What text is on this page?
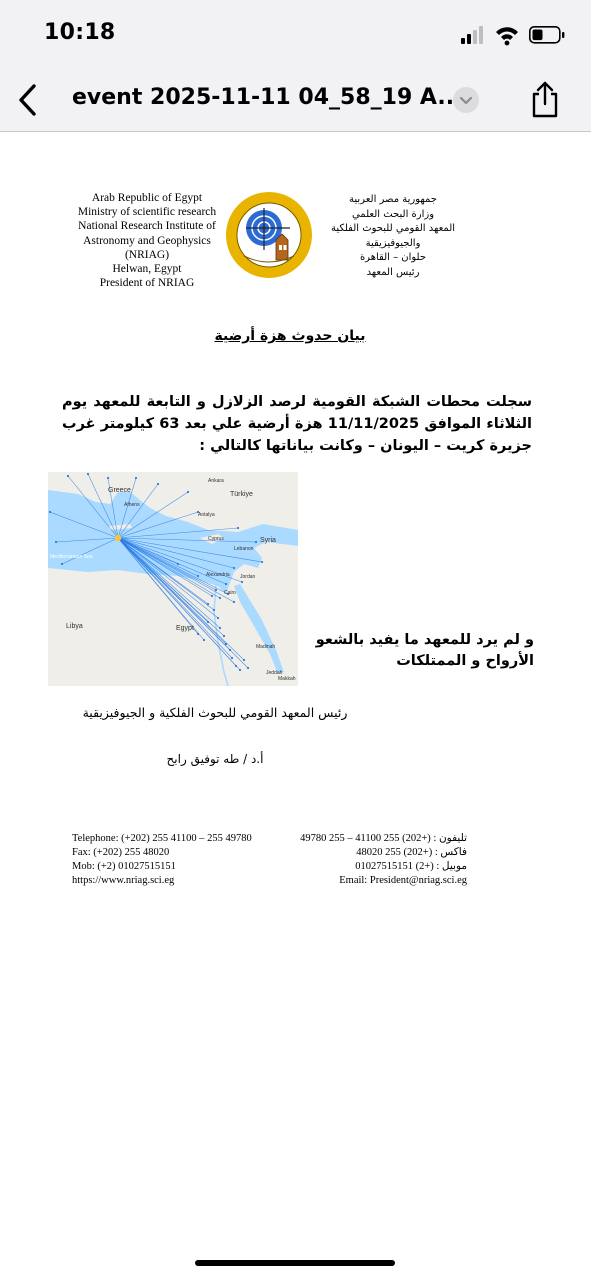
10:18
event 2025-11-11 04_58_19 A...
Arab Republic of Egypt
Ministry of scientific research
National Research Institute of
Astronomy and Geophysics
(NRIAG)
Helwan, Egypt
President of NRIAG
جمهورية مصر العربية
وزارة البحث العلمي
المعهد القومي للبحوث الفلكية
والجيوفيزيقية
حلوان – القاهرة
رئيس المعهد
بيان حدوث هزة أرضية
سجلت محطات الشبكة القومية لرصد الزلازل و التابعة للمعهد يوم الثلاثاء الموافق 11/11/2025 هزة أرضية علي بعد 63 كيلومتر غرب جزيرة كريت – اليونان – وكانت بياناتها كالتالي :
Greece
Ankara
Türkiye
Athens
Antalya
Cyprus	Syria
Lebanon
Mediterranean Sea
Alexandria Jordan
Cairo
Egypt
Libya
Madinah
Jeddah
Makkah
و لم يرد للمعهد ما يفيد بالشعو
الأرواح و الممتلكات
رئيس المعهد القومي للبحوث الفلكية و الجيوفيزيقية
أ.د / طه توفيق رابح
Telephone: (+202) 255 41100 – 255 49780
Fax: (+202) 255 48020
Mob: (+2) 01027515151
https://www.nriag.sci.eg
تليفون : (+202) 255 41100 – 255 49780
فاكس : (+202) 255 48020
موبيل : (+2) 01027515151
Email: President@nriag.sci.eg
